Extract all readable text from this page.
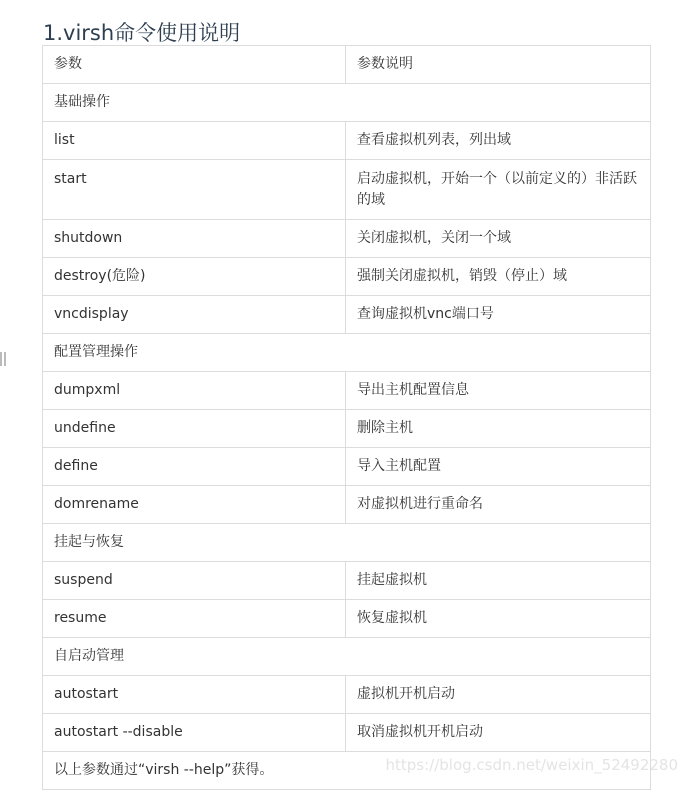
1.virsh命令使用说明
参数	参数说明
基础操作	
list	查看虚拟机列表，列出域
start	启动虚拟机，开始一个（以前定义的）非活跃的域
shutdown	关闭虚拟机，关闭一个域
destroy(危险)	强制关闭虚拟机，销毁（停止）域
vncdisplay	查询虚拟机vnc端口号
配置管理操作	
dumpxml	导出主机配置信息
undefine	删除主机
define	导入主机配置
domrename	对虚拟机进行重命名
挂起与恢复	
suspend	挂起虚拟机
resume	恢复虚拟机
自启动管理	
autostart	虚拟机开机启动
autostart --disable	取消虚拟机开机启动
以上参数通过“virsh --help”获得。		https://blog.csdn.net/weixin_52492280
